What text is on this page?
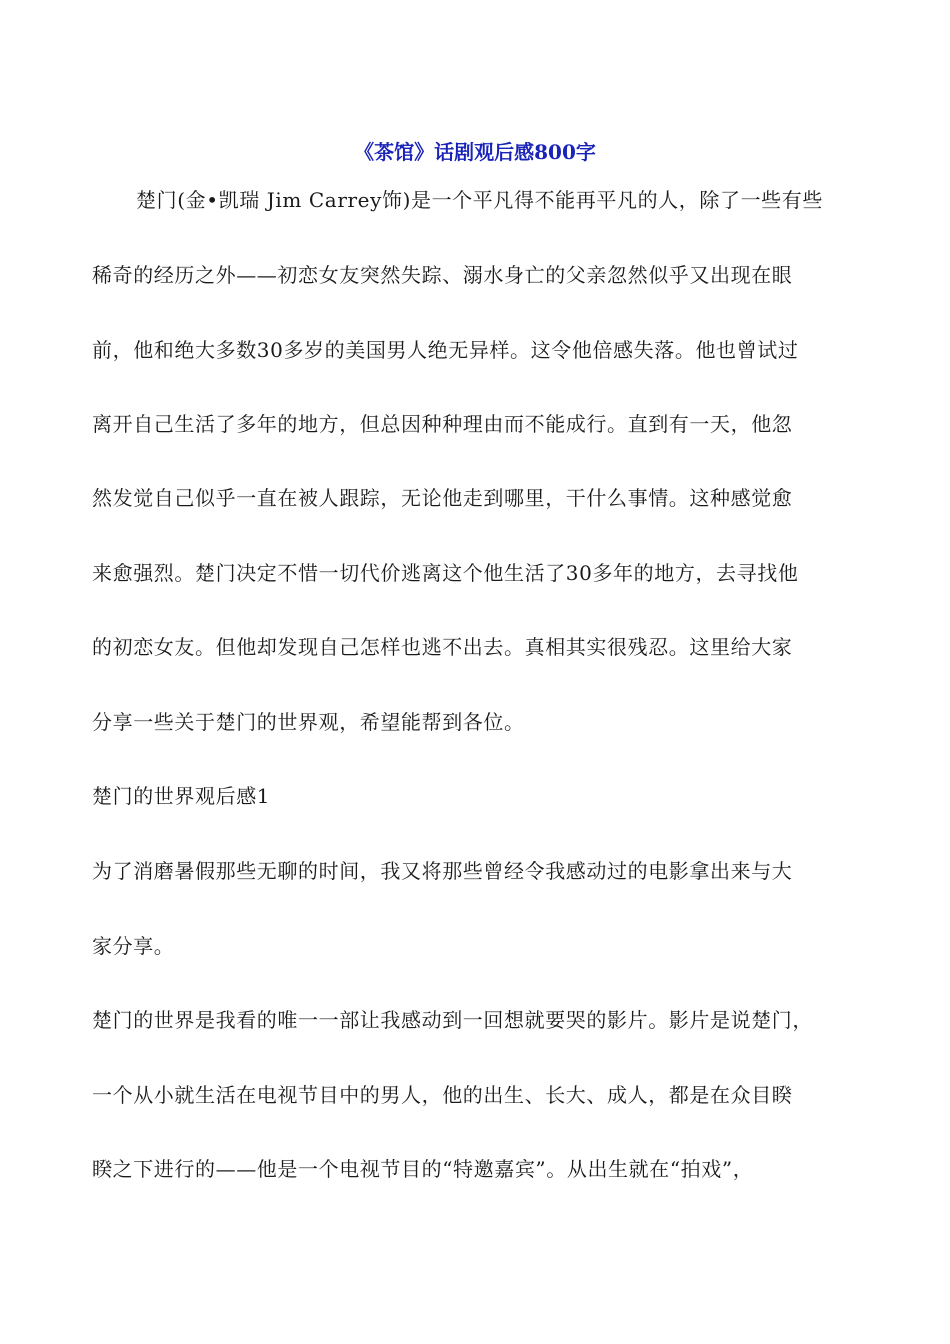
《茶馆》话剧观后感800字
楚门(金•凯瑞 Jim Carrey饰)是一个平凡得不能再平凡的人，除了一些有些
稀奇的经历之外——初恋女友突然失踪、溺水身亡的父亲忽然似乎又出现在眼
前，他和绝大多数30多岁的美国男人绝无异样。这令他倍感失落。他也曾试过
离开自己生活了多年的地方，但总因种种理由而不能成行。直到有一天，他忽
然发觉自己似乎一直在被人跟踪，无论他走到哪里，干什么事情。这种感觉愈
来愈强烈。楚门决定不惜一切代价逃离这个他生活了30多年的地方，去寻找他
的初恋女友。但他却发现自己怎样也逃不出去。真相其实很残忍。这里给大家
分享一些关于楚门的世界观，希望能帮到各位。
楚门的世界观后感1
为了消磨暑假那些无聊的时间，我又将那些曾经令我感动过的电影拿出来与大
家分享。
楚门的世界是我看的唯一一部让我感动到一回想就要哭的影片。影片是说楚门，
一个从小就生活在电视节目中的男人，他的出生、长大、成人，都是在众目睽
睽之下进行的——他是一个电视节目的“特邀嘉宾”。从出生就在“拍戏”，
